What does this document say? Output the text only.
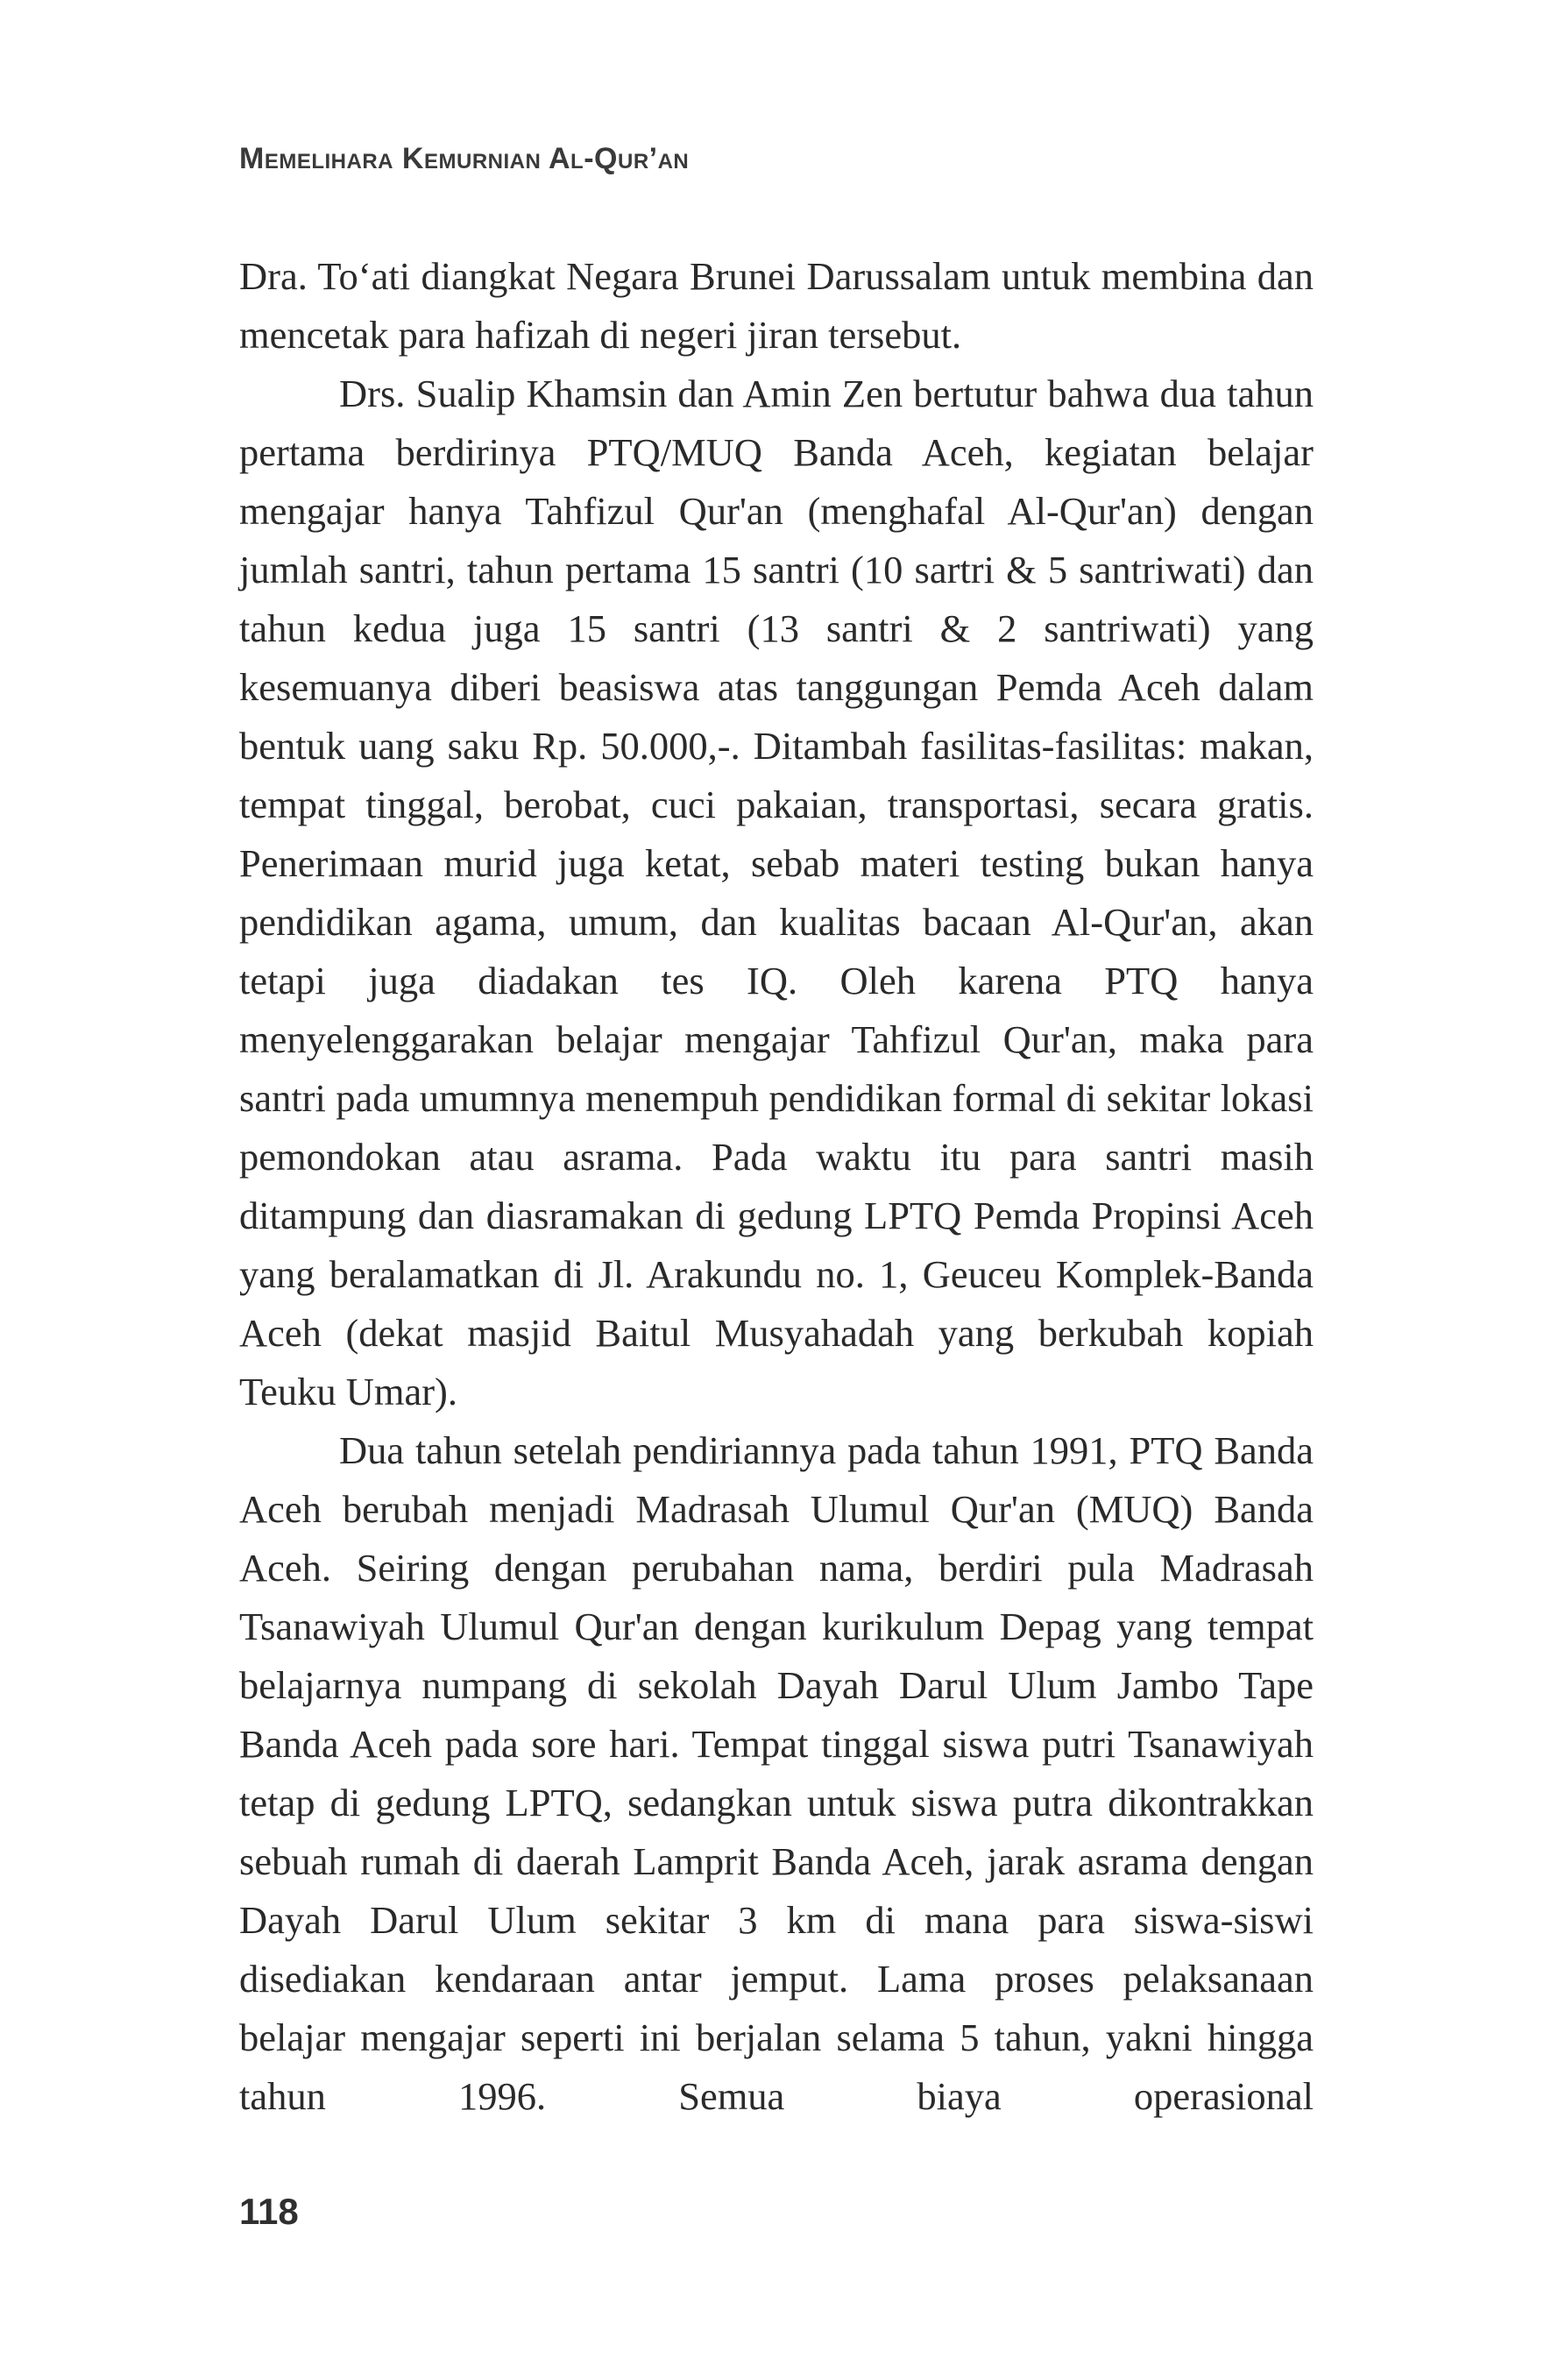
Memelihara Kemurnian Al-Qur’an

Dra. To‘ati diangkat Negara Brunei Darussalam untuk membina dan mencetak para hafizah di negeri jiran tersebut.

Drs. Sualip Khamsin dan Amin Zen bertutur bahwa dua tahun pertama berdirinya PTQ/MUQ Banda Aceh, kegiatan belajar mengajar hanya Tahfizul Qur'an (menghafal Al-Qur'an) dengan jumlah santri, tahun pertama 15 santri (10 sartri & 5 santriwati) dan tahun kedua juga 15 santri (13 santri & 2 santriwati) yang kesemuanya diberi beasiswa atas tanggungan Pemda Aceh dalam bentuk uang saku Rp. 50.000,-. Ditambah fasilitas-fasilitas: makan, tempat tinggal, berobat, cuci pakaian, transportasi, secara gratis. Penerimaan murid juga ketat, sebab materi testing bukan hanya pendidikan agama, umum, dan kualitas bacaan Al-Qur'an, akan tetapi juga diadakan tes IQ. Oleh karena PTQ hanya menyelenggarakan belajar mengajar Tahfizul Qur'an, maka para santri pada umumnya menempuh pendidikan formal di sekitar lokasi pemondokan atau asrama. Pada waktu itu para santri masih ditampung dan diasramakan di gedung LPTQ Pemda Propinsi Aceh yang beralamatkan di Jl. Arakundu no. 1, Geuceu Komplek-Banda Aceh (dekat masjid Baitul Musyahadah yang berkubah kopiah Teuku Umar).

Dua tahun setelah pendiriannya pada tahun 1991, PTQ Banda Aceh berubah menjadi Madrasah Ulumul Qur'an (MUQ) Banda Aceh. Seiring dengan perubahan nama, berdiri pula Madrasah Tsanawiyah Ulumul Qur'an dengan kurikulum Depag yang tempat belajarnya numpang di sekolah Dayah Darul Ulum Jambo Tape Banda Aceh pada sore hari. Tempat tinggal siswa putri Tsanawiyah tetap di gedung LPTQ, sedangkan untuk siswa putra dikontrakkan sebuah rumah di daerah Lamprit Banda Aceh, jarak asrama dengan Dayah Darul Ulum sekitar 3 km di mana para siswa-siswi disediakan kendaraan antar jemput. Lama proses pelaksanaan belajar mengajar seperti ini berjalan selama 5 tahun, yakni hingga tahun 1996. Semua biaya operasional

118
